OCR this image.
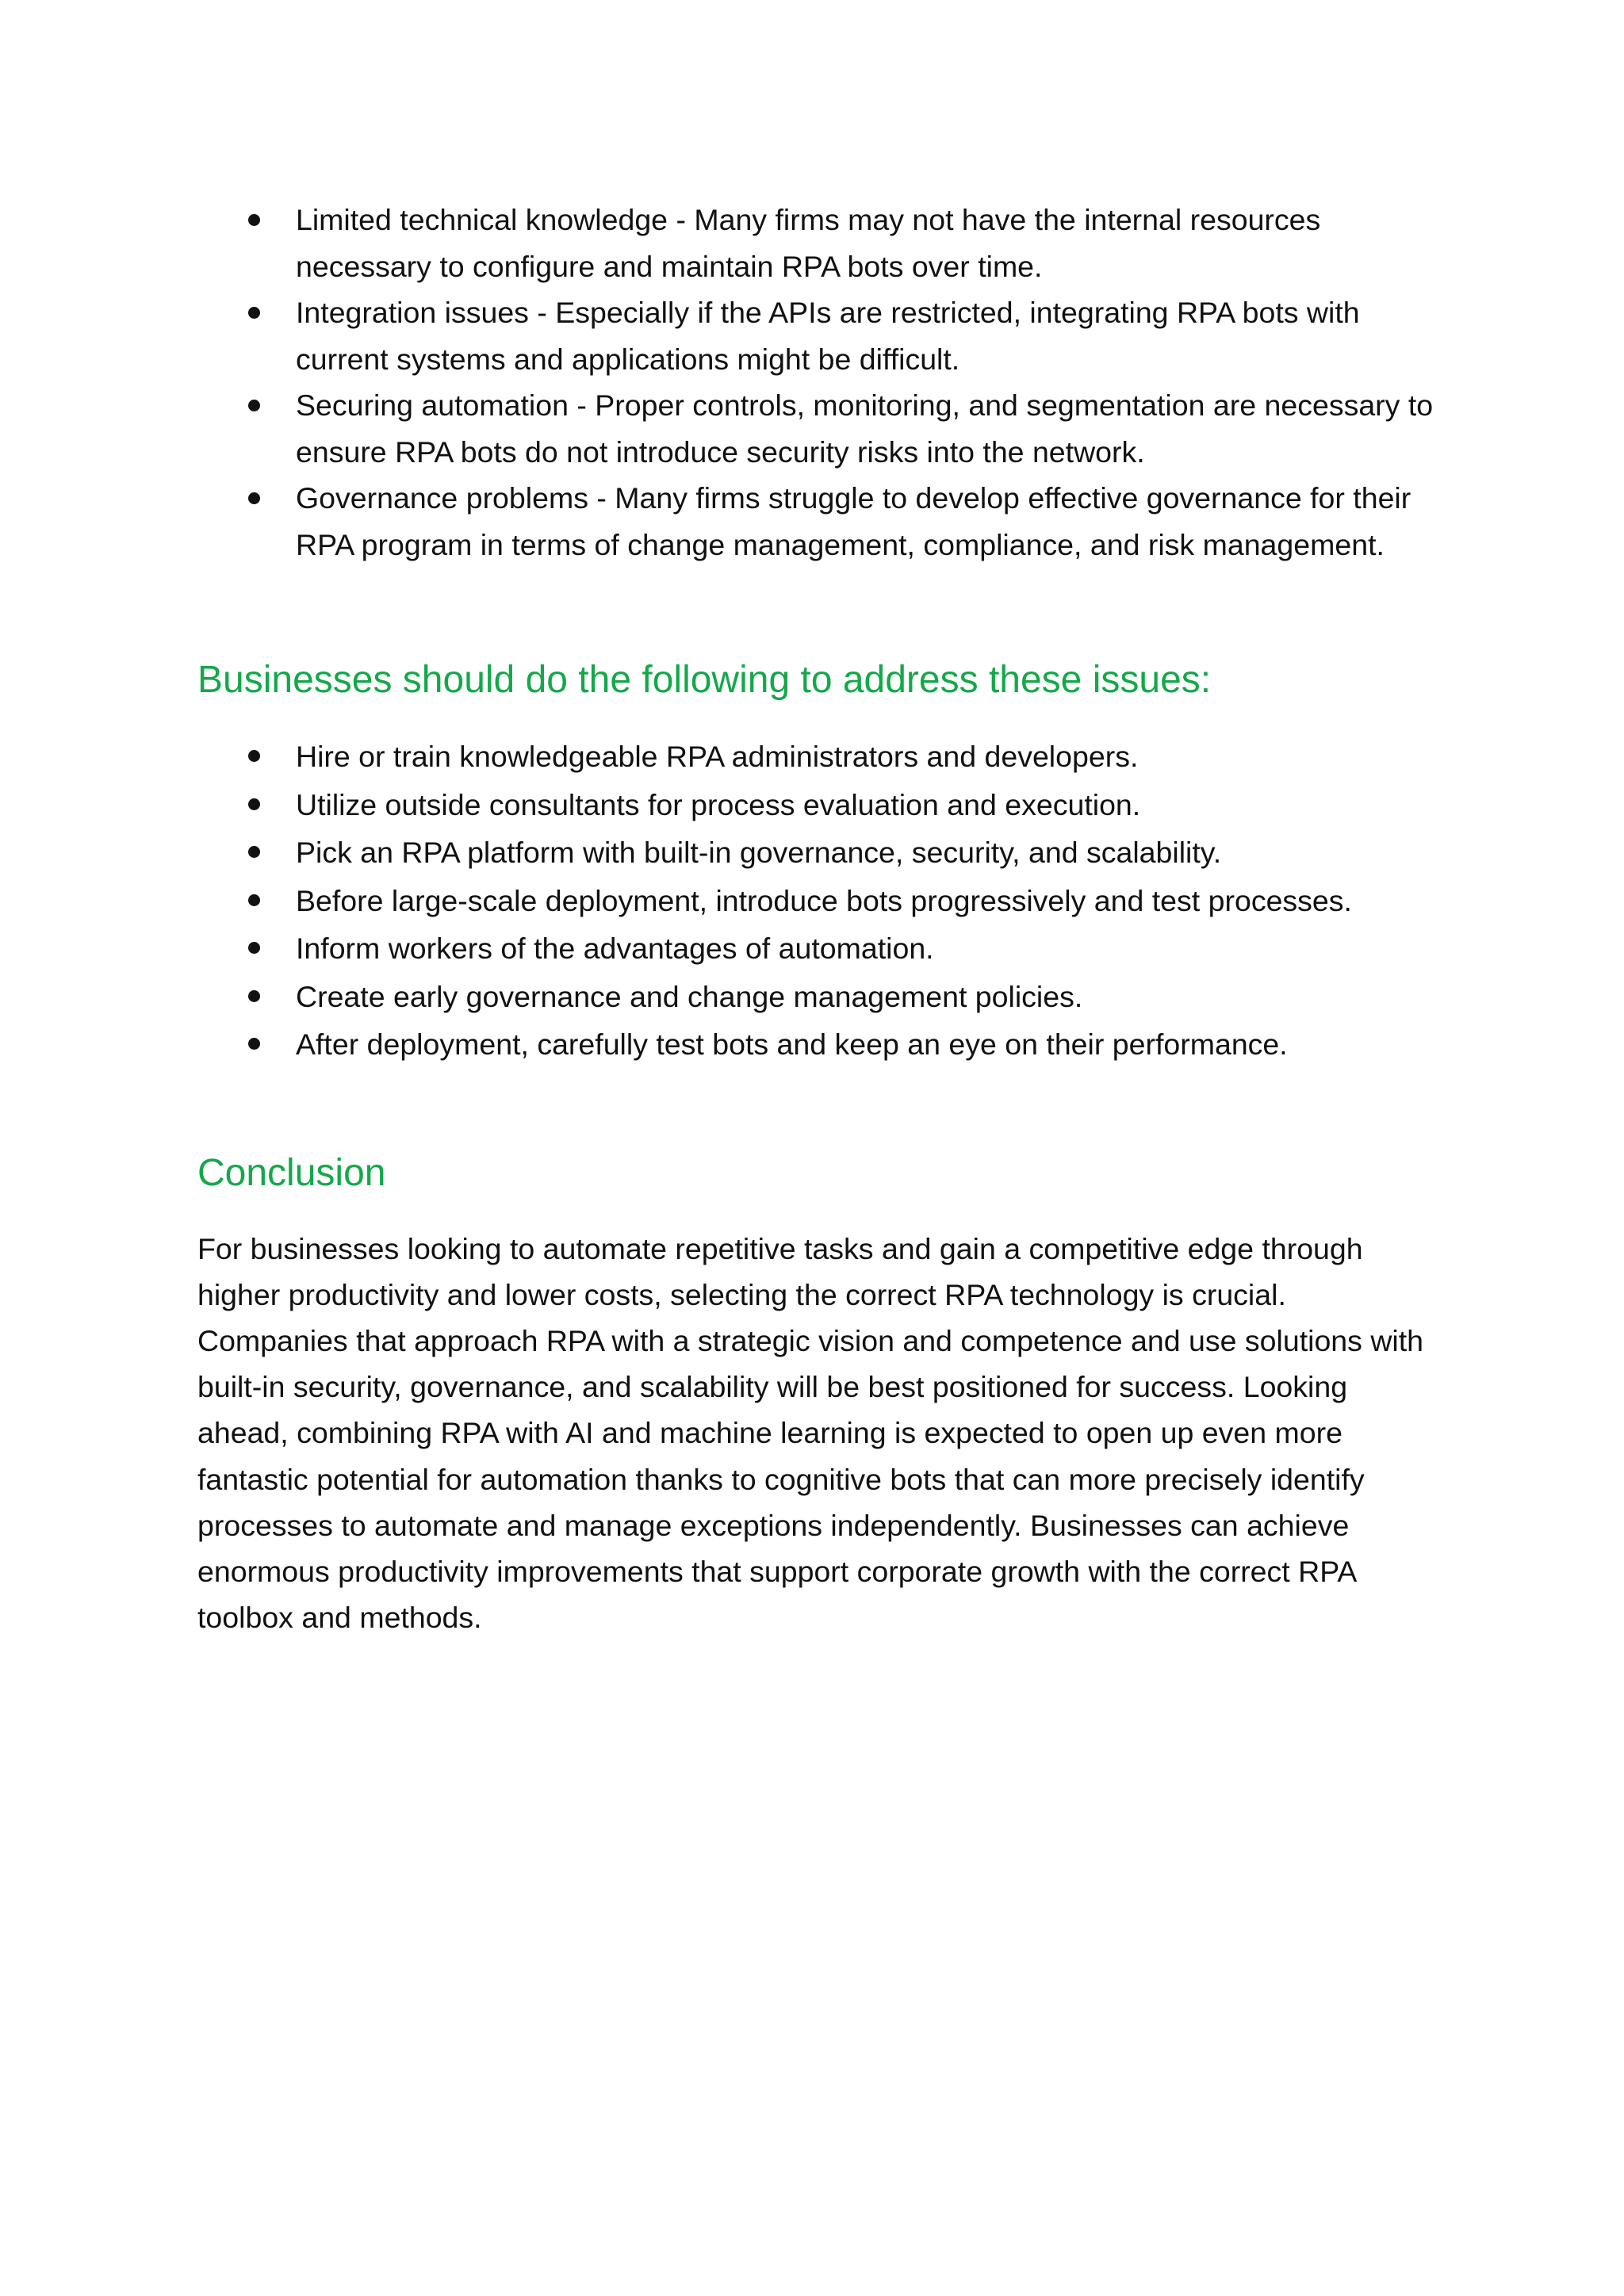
Limited technical knowledge - Many firms may not have the internal resources necessary to configure and maintain RPA bots over time.
Integration issues - Especially if the APIs are restricted, integrating RPA bots with current systems and applications might be difficult.
Securing automation - Proper controls, monitoring, and segmentation are necessary to ensure RPA bots do not introduce security risks into the network.
Governance problems - Many firms struggle to develop effective governance for their RPA program in terms of change management, compliance, and risk management.
Businesses should do the following to address these issues:
Hire or train knowledgeable RPA administrators and developers.
Utilize outside consultants for process evaluation and execution.
Pick an RPA platform with built-in governance, security, and scalability.
Before large-scale deployment, introduce bots progressively and test processes.
Inform workers of the advantages of automation.
Create early governance and change management policies.
After deployment, carefully test bots and keep an eye on their performance.
Conclusion

For businesses looking to automate repetitive tasks and gain a competitive edge through higher productivity and lower costs, selecting the correct RPA technology is crucial. Companies that approach RPA with a strategic vision and competence and use solutions with built-in security, governance, and scalability will be best positioned for success. Looking ahead, combining RPA with AI and machine learning is expected to open up even more fantastic potential for automation thanks to cognitive bots that can more precisely identify processes to automate and manage exceptions independently. Businesses can achieve enormous productivity improvements that support corporate growth with the correct RPA toolbox and methods.
